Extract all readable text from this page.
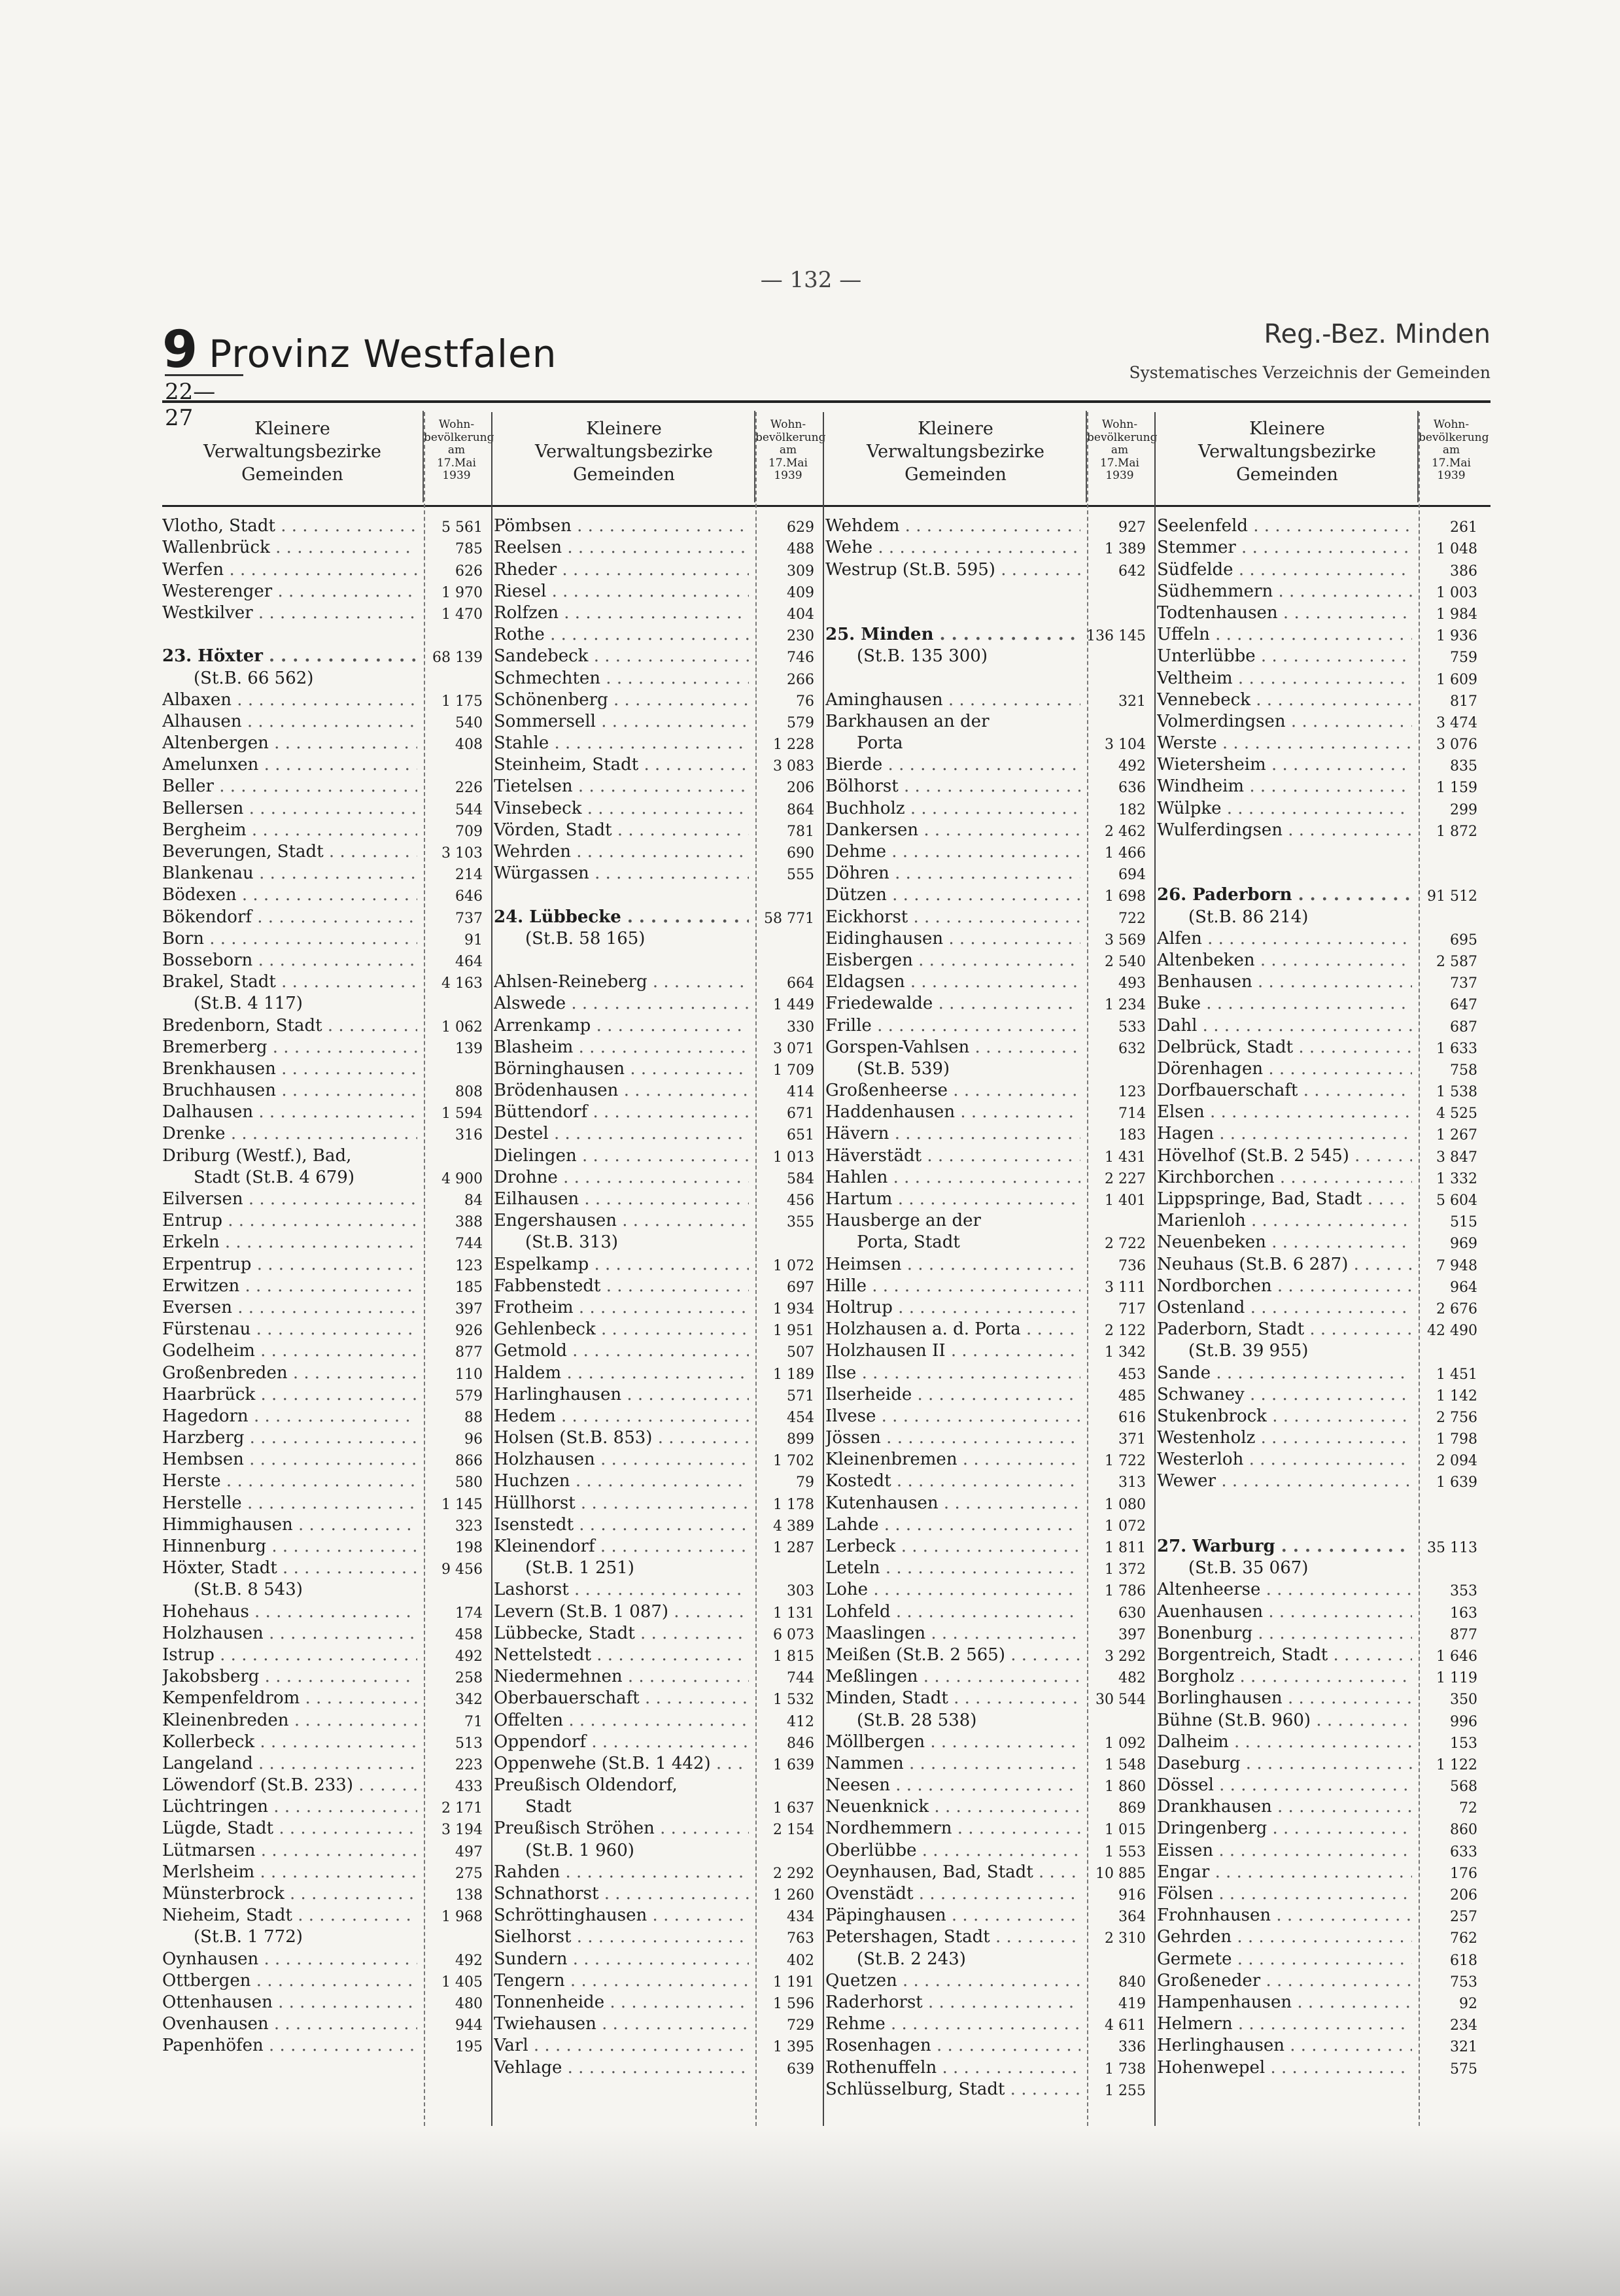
— 132 —
9 Provinz Westfalen
22—27
Reg.-Bez. Minden
Systematisches Verzeichnis der Gemeinden
Kleinere
Verwaltungsbezirke
Gemeinden
Wohn-
bevölkerung
am
17.Mai 1939
Vlotho, Stadt . . .	5 561
Wallenbrück . . .	785
Werfen . . .	626
Westerenger . . .	1 970
Westkilver . . .	1 470
23. Höxter . . .	68 139
(St.B. 66 562)
Albaxen . . .	1 175
Alhausen . . .	540
Altenbergen . . .	408
Amelunxen . . .
Beller . . .	226
Bellersen . . .	544
Bergheim . . .	709
Beverungen, Stadt . . .	3 103
Blankenau . . .	214
Bödexen . . .	646
Bökendorf . . .	737
Born . . .	91
Bosseborn . . .	464
Brakel, Stadt . . .	4 163
(St.B. 4 117)
Bredenborn, Stadt . . .	1 062
Bremerberg . . .	139
Brenkhausen . . .
Bruchhausen . . .	808
Dalhausen . . .	1 594
Drenke . . .	316
Driburg (Westf.), Bad,
Stadt (St.B. 4 679)	4 900
Eilversen . . .	84
Entrup . . .	388
Erkeln . . .	744
Erpentrup . . .	123
Erwitzen . . .	185
Eversen . . .	397
Fürstenau . . .	926
Godelheim . . .	877
Großenbreden . . .	110
Haarbrück . . .	579
Hagedorn . . .	88
Harzberg . . .	96
Hembsen . . .	866
Herste . . .	580
Herstelle . . .	1 145
Himmighausen . . .	323
Hinnenburg . . .	198
Höxter, Stadt . . .	9 456
(St.B. 8 543)
Hohehaus . . .	174
Holzhausen . . .	458
Istrup . . .	492
Jakobsberg . . .	258
Kempenfeldrom . . .	342
Kleinenbreden . . .	71
Kollerbeck . . .	513
Langeland . . .	223
Löwendorf (St.B. 233) . . .	433
Lüchtringen . . .	2 171
Lügde, Stadt . . .	3 194
Lütmarsen . . .	497
Merlsheim . . .	275
Münsterbrock . . .	138
Nieheim, Stadt . . .	1 968
(St.B. 1 772)
Oynhausen . . .	492
Ottbergen . . .	1 405
Ottenhausen . . .	480
Ovenhausen . . .	944
Papenhöfen . . .	195
Kleinere
Verwaltungsbezirke
Gemeinden
Wohn-
bevölkerung
am
17.Mai 1939
Pömbsen . . .	629
Reelsen . . .	488
Rheder . . .	309
Riesel . . .	409
Rolfzen . . .	404
Rothe . . .	230
Sandebeck . . .	746
Schmechten . . .	266
Schönenberg . . .	76
Sommersell . . .	579
Stahle . . .	1 228
Steinheim, Stadt . . .	3 083
Tietelsen . . .	206
Vinsebeck . . .	864
Vörden, Stadt . . .	781
Wehrden . . .	690
Würgassen . . .	555
24. Lübbecke . . .	58 771
(St.B. 58 165)
Ahlsen-Reineberg . . .	664
Alswede . . .	1 449
Arrenkamp . . .	330
Blasheim . . .	3 071
Börninghausen . . .	1 709
Brödenhausen . . .	414
Büttendorf . . .	671
Destel . . .	651
Dielingen . . .	1 013
Drohne . . .	584
Eilhausen . . .	456
Engershausen . . .	355
(St.B. 313)
Espelkamp . . .	1 072
Fabbenstedt . . .	697
Frotheim . . .	1 934
Gehlenbeck . . .	1 951
Getmold . . .	507
Haldem . . .	1 189
Harlinghausen . . .	571
Hedem . . .	454
Holsen (St.B. 853) . . .	899
Holzhausen . . .	1 702
Huchzen . . .	79
Hüllhorst . . .	1 178
Isenstedt . . .	4 389
Kleinendorf . . .	1 287
(St.B. 1 251)
Lashorst . . .	303
Levern (St.B. 1 087) . . .	1 131
Lübbecke, Stadt . . .	6 073
Nettelstedt . . .	1 815
Niedermehnen . . .	744
Oberbauerschaft . . .	1 532
Offelten . . .	412
Oppendorf . . .	846
Oppenwehe (St.B. 1 442) . . .	1 639
Preußisch Oldendorf,
Stadt	1 637
Preußisch Ströhen . . .	2 154
(St.B. 1 960)
Rahden . . .	2 292
Schnathorst . . .	1 260
Schröttinghausen . . .	434
Sielhorst . . .	763
Sundern . . .	402
Tengern . . .	1 191
Tonnenheide . . .	1 596
Twiehausen . . .	729
Varl . . .	1 395
Vehlage . . .	639
Kleinere
Verwaltungsbezirke
Gemeinden
Wohn-
bevölkerung
am
17.Mai 1939
Wehdem . . .	927
Wehe . . .	1 389
Westrup (St.B. 595) . . .	642
25. Minden . . .	136 145
(St.B. 135 300)
Aminghausen . . .	321
Barkhausen an der
Porta	3 104
Bierde . . .	492
Bölhorst . . .	636
Buchholz . . .	182
Dankersen . . .	2 462
Dehme . . .	1 466
Döhren . . .	694
Dützen . . .	1 698
Eickhorst . . .	722
Eidinghausen . . .	3 569
Eisbergen . . .	2 540
Eldagsen . . .	493
Friedewalde . . .	1 234
Frille . . .	533
Gorspen-Vahlsen . . .	632
(St.B. 539)
Großenheerse . . .	123
Haddenhausen . . .	714
Hävern . . .	183
Häverstädt . . .	1 431
Hahlen . . .	2 227
Hartum . . .	1 401
Hausberge an der
Porta, Stadt	2 722
Heimsen . . .	736
Hille . . .	3 111
Holtrup . . .	717
Holzhausen a. d. Porta . . .	2 122
Holzhausen II . . .	1 342
Ilse . . .	453
Ilserheide . . .	485
Ilvese . . .	616
Jössen . . .	371
Kleinenbremen . . .	1 722
Kostedt . . .	313
Kutenhausen . . .	1 080
Lahde . . .	1 072
Lerbeck . . .	1 811
Leteln . . .	1 372
Lohe . . .	1 786
Lohfeld . . .	630
Maaslingen . . .	397
Meißen (St.B. 2 565) . . .	3 292
Meßlingen . . .	482
Minden, Stadt . . .	30 544
(St.B. 28 538)
Möllbergen . . .	1 092
Nammen . . .	1 548
Neesen . . .	1 860
Neuenknick . . .	869
Nordhemmern . . .	1 015
Oberlübbe . . .	1 553
Oeynhausen, Bad, Stadt . . .	10 885
Ovenstädt . . .	916
Päpinghausen . . .	364
Petershagen, Stadt . . .	2 310
(St.B. 2 243)
Quetzen . . .	840
Raderhorst . . .	419
Rehme . . .	4 611
Rosenhagen . . .	336
Rothenuffeln . . .	1 738
Schlüsselburg, Stadt . . .	1 255
Kleinere
Verwaltungsbezirke
Gemeinden
Wohn-
bevölkerung
am
17.Mai 1939
Seelenfeld . . .	261
Stemmer . . .	1 048
Südfelde . . .	386
Südhemmern . . .	1 003
Todtenhausen . . .	1 984
Uffeln . . .	1 936
Unterlübbe . . .	759
Veltheim . . .	1 609
Vennebeck . . .	817
Volmerdingsen . . .	3 474
Werste . . .	3 076
Wietersheim . . .	835
Windheim . . .	1 159
Wülpke . . .	299
Wulferdingsen . . .	1 872
26. Paderborn . . .	91 512
(St.B. 86 214)
Alfen . . .	695
Altenbeken . . .	2 587
Benhausen . . .	737
Buke . . .	647
Dahl . . .	687
Delbrück, Stadt . . .	1 633
Dörenhagen . . .	758
Dorfbauerschaft . . .	1 538
Elsen . . .	4 525
Hagen . . .	1 267
Hövelhof (St.B. 2 545) . . .	3 847
Kirchborchen . . .	1 332
Lippspringe, Bad, Stadt . . .	5 604
Marienloh . . .	515
Neuenbeken . . .	969
Neuhaus (St.B. 6 287) . . .	7 948
Nordborchen . . .	964
Ostenland . . .	2 676
Paderborn, Stadt . . .	42 490
(St.B. 39 955)
Sande . . .	1 451
Schwaney . . .	1 142
Stukenbrock . . .	2 756
Westenholz . . .	1 798
Westerloh . . .	2 094
Wewer . . .	1 639
27. Warburg . . .	35 113
(St.B. 35 067)
Altenheerse . . .	353
Auenhausen . . .	163
Bonenburg . . .	877
Borgentreich, Stadt . . .	1 646
Borgholz . . .	1 119
Borlinghausen . . .	350
Bühne (St.B. 960) . . .	996
Dalheim . . .	153
Daseburg . . .	1 122
Dössel . . .	568
Drankhausen . . .	72
Dringenberg . . .	860
Eissen . . .	633
Engar . . .	176
Fölsen . . .	206
Frohnhausen . . .	257
Gehrden . . .	762
Germete . . .	618
Großeneder . . .	753
Hampenhausen . . .	92
Helmern . . .	234
Herlinghausen . . .	321
Hohenwepel . . .	575
